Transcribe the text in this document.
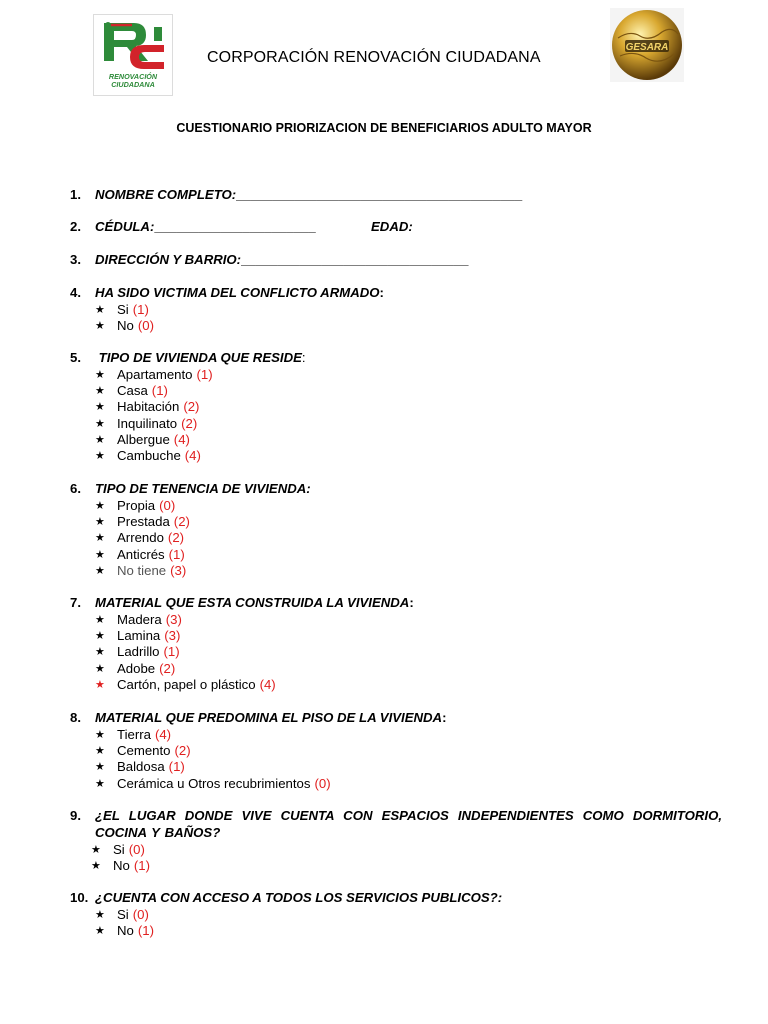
RENOVACIÓN
CIUDADANA
CORPORACIÓN RENOVACIÓN CIUDADANA
GESARA
CUESTIONARIO PRIORIZACION DE BENEFICIARIOS ADULTO MAYOR
1.	NOMBRE COMPLETO:_______________________________________
2.	CÉDULA:______________________	EDAD:
3.	DIRECCIÓN Y BARRIO:_______________________________
4.	HA SIDO VICTIMA DEL CONFLICTO ARMADO:
★ Si (1)
★ No (0)
5.	TIPO DE VIVIENDA QUE RESIDE:
★ Apartamento (1)
★ Casa (1)
★ Habitación (2)
★ Inquilinato (2)
★ Albergue (4)
★ Cambuche (4)
6.	TIPO DE TENENCIA DE VIVIENDA:
★ Propia (0)
★ Prestada (2)
★ Arrendo (2)
★ Anticrés (1)
★ No tiene (3)
7.	MATERIAL QUE ESTA CONSTRUIDA LA VIVIENDA:
★ Madera (3)
★ Lamina (3)
★ Ladrillo (1)
★ Adobe (2)
★ Cartón, papel o plástico (4)
8.	MATERIAL QUE PREDOMINA EL PISO DE LA VIVIENDA:
★ Tierra (4)
★ Cemento (2)
★ Baldosa (1)
★ Cerámica u Otros recubrimientos (0)
9.	¿EL LUGAR DONDE VIVE CUENTA CON ESPACIOS INDEPENDIENTES COMO DORMITORIO, COCINA Y BAÑOS?
★ Si (0)
★ No (1)
10. ¿CUENTA CON ACCESO A TODOS LOS SERVICIOS PUBLICOS?:
★ Si (0)
★ No (1)
